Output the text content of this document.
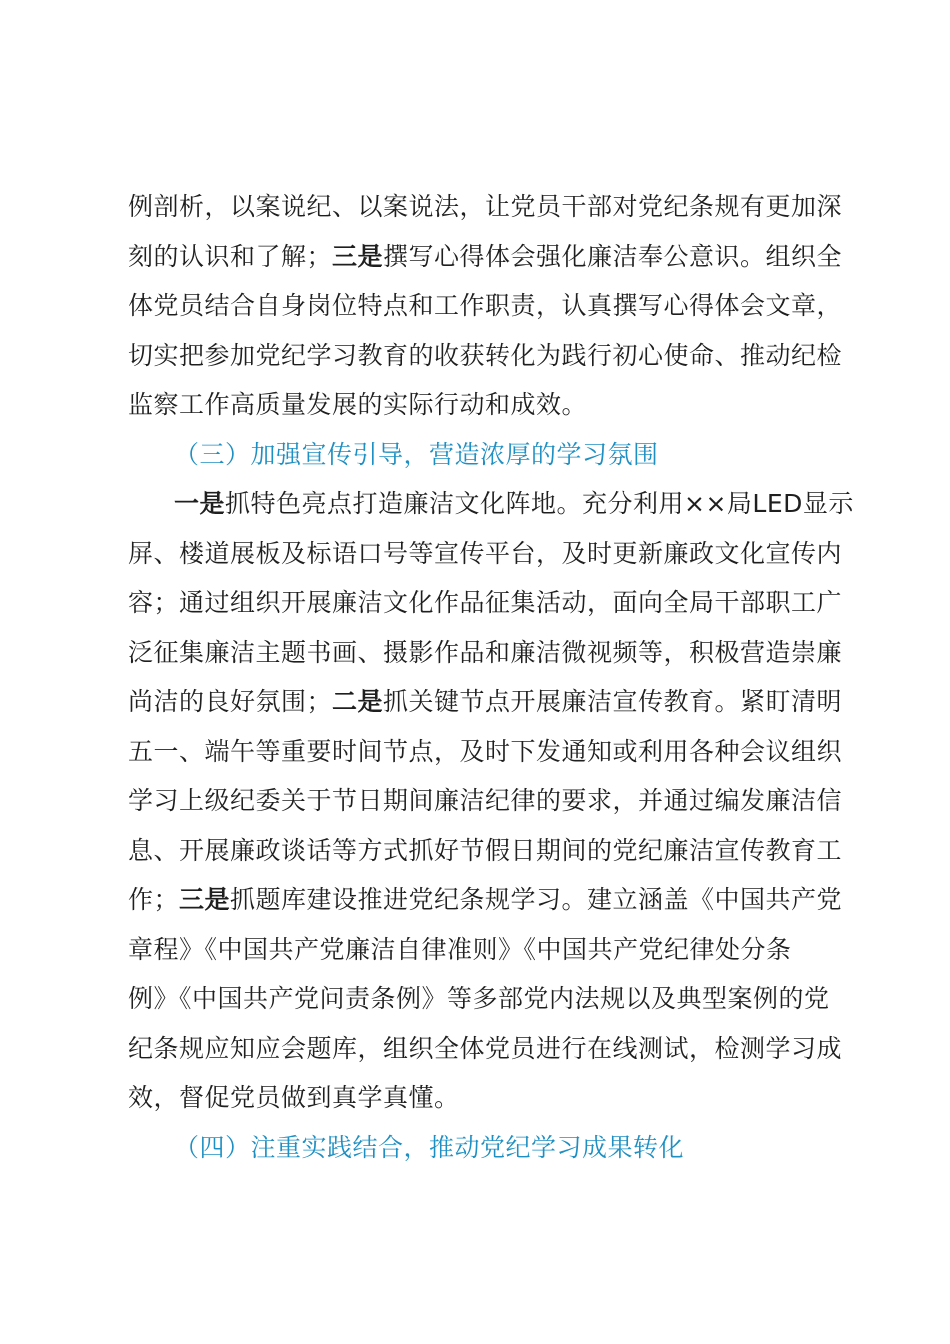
例剖析，以案说纪、以案说法，让党员干部对党纪条规有更加深
刻的认识和了解；三是撰写心得体会强化廉洁奉公意识。组织全
体党员结合自身岗位特点和工作职责，认真撰写心得体会文章，
切实把参加党纪学习教育的收获转化为践行初心使命、推动纪检
监察工作高质量发展的实际行动和成效。
（三）加强宣传引导，营造浓厚的学习氛围
一是抓特色亮点打造廉洁文化阵地。充分利用××局LED显示
屏、楼道展板及标语口号等宣传平台，及时更新廉政文化宣传内
容；通过组织开展廉洁文化作品征集活动，面向全局干部职工广
泛征集廉洁主题书画、摄影作品和廉洁微视频等，积极营造崇廉
尚洁的良好氛围；二是抓关键节点开展廉洁宣传教育。紧盯清明
五一、端午等重要时间节点，及时下发通知或利用各种会议组织
学习上级纪委关于节日期间廉洁纪律的要求，并通过编发廉洁信
息、开展廉政谈话等方式抓好节假日期间的党纪廉洁宣传教育工
作；三是抓题库建设推进党纪条规学习。建立涵盖《中国共产党
章程》《中国共产党廉洁自律准则》《中国共产党纪律处分条
例》《中国共产党问责条例》等多部党内法规以及典型案例的党
纪条规应知应会题库，组织全体党员进行在线测试，检测学习成
效，督促党员做到真学真懂。
（四）注重实践结合，推动党纪学习成果转化
